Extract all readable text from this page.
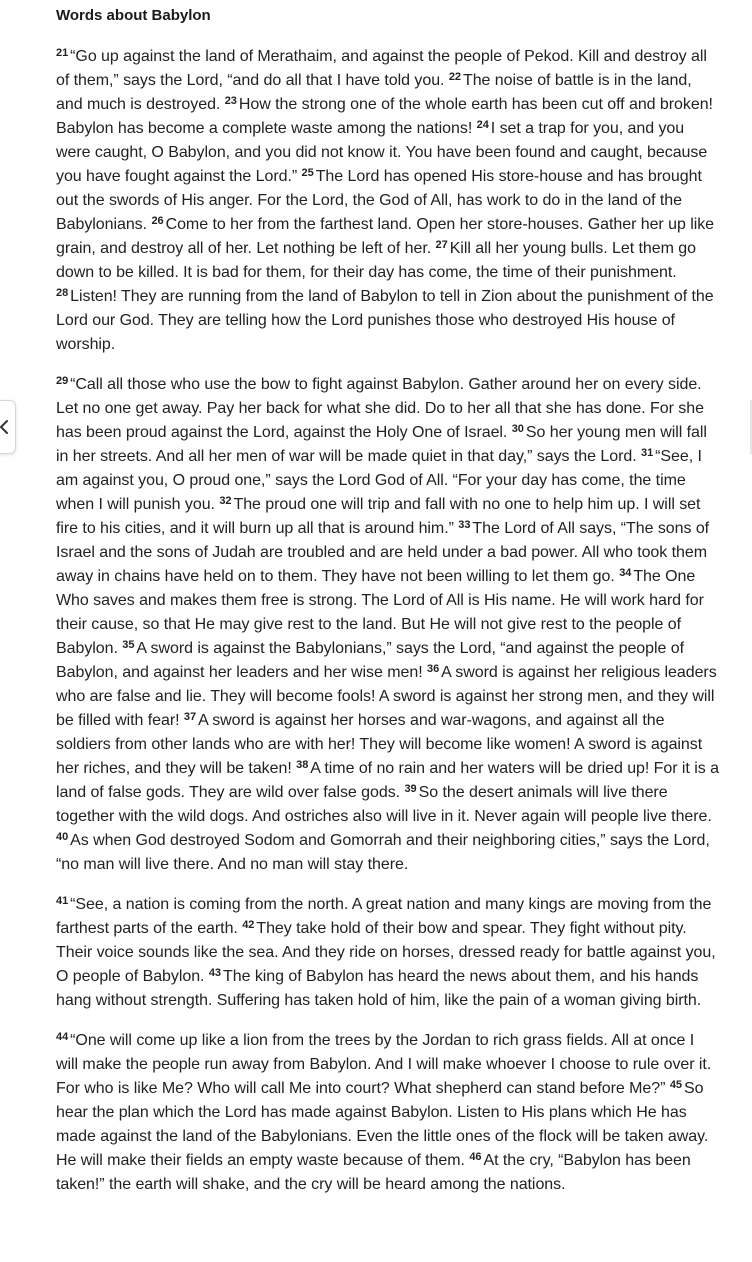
Words about Babylon

$^{21}$ “Go up against the land of Merathaim, and against the people of Pekod. Kill and destroy all of them,” says the Lord, “and do all that I have told you. $^{22}$ The noise of battle is in the land, and much is destroyed. $^{23}$ How the strong one of the whole earth has been cut off and broken! Babylon has become a complete waste among the nations! $^{24}$ I set a trap for you, and you were caught, O Babylon, and you did not know it. You have been found and caught, because you have fought against the Lord.” $^{25}$ The Lord has opened His store-house and has brought out the swords of His anger. For the Lord, the God of All, has work to do in the land of the Babylonians. $^{26}$ Come to her from the farthest land. Open her store-houses. Gather her up like grain, and destroy all of her. Let nothing be left of her. $^{27}$ Kill all her young bulls. Let them go down to be killed. It is bad for them, for their day has come, the time of their punishment. $^{28}$ Listen! They are running from the land of Babylon to tell in Zion about the punishment of the Lord our God. They are telling how the Lord punishes those who destroyed His house of worship.

$^{29}$ “Call all those who use the bow to fight against Babylon. Gather around her on every side. Let no one get away. Pay her back for what she did. Do to her all that she has done. For she has been proud against the Lord, against the Holy One of Israel. $^{30}$ So her young men will fall in her streets. And all her men of war will be made quiet in that day,” says the Lord. $^{31}$ “See, I am against you, O proud one,” says the Lord God of All. “For your day has come, the time when I will punish you. $^{32}$ The proud one will trip and fall with no one to help him up. I will set fire to his cities, and it will burn up all that is around him.” $^{33}$ The Lord of All says, “The sons of Israel and the sons of Judah are troubled and are held under a bad power. All who took them away in chains have held on to them. They have not been willing to let them go. $^{34}$ The One Who saves and makes them free is strong. The Lord of All is His name. He will work hard for their cause, so that He may give rest to the land. But He will not give rest to the people of Babylon. $^{35}$ A sword is against the Babylonians,” says the Lord, “and against the people of Babylon, and against her leaders and her wise men! $^{36}$ A sword is against her religious leaders who are false and lie. They will become fools! A sword is against her strong men, and they will be filled with fear! $^{37}$ A sword is against her horses and war-wagons, and against all the soldiers from other lands who are with her! They will become like women! A sword is against her riches, and they will be taken! $^{38}$ A time of no rain and her waters will be dried up! For it is a land of false gods. They are wild over false gods. $^{39}$ So the desert animals will live there together with the wild dogs. And ostriches also will live in it. Never again will people live there. $^{40}$ As when God destroyed Sodom and Gomorrah and their neighboring cities,” says the Lord, “no man will live there. And no man will stay there.

$^{41}$ “See, a nation is coming from the north. A great nation and many kings are moving from the farthest parts of the earth. $^{42}$ They take hold of their bow and spear. They fight without pity. Their voice sounds like the sea. And they ride on horses, dressed ready for battle against you, O people of Babylon. $^{43}$ The king of Babylon has heard the news about them, and his hands hang without strength. Suffering has taken hold of him, like the pain of a woman giving birth.

$^{44}$ “One will come up like a lion from the trees by the Jordan to rich grass fields. All at once I will make the people run away from Babylon. And I will make whoever I choose to rule over it. For who is like Me? Who will call Me into court? What shepherd can stand before Me?” $^{45}$ So hear the plan which the Lord has made against Babylon. Listen to His plans which He has made against the land of the Babylonians. Even the little ones of the flock will be taken away. He will make their fields an empty waste because of them. $^{46}$ At the cry, “Babylon has been taken!” the earth will shake, and the cry will be heard among the nations.
